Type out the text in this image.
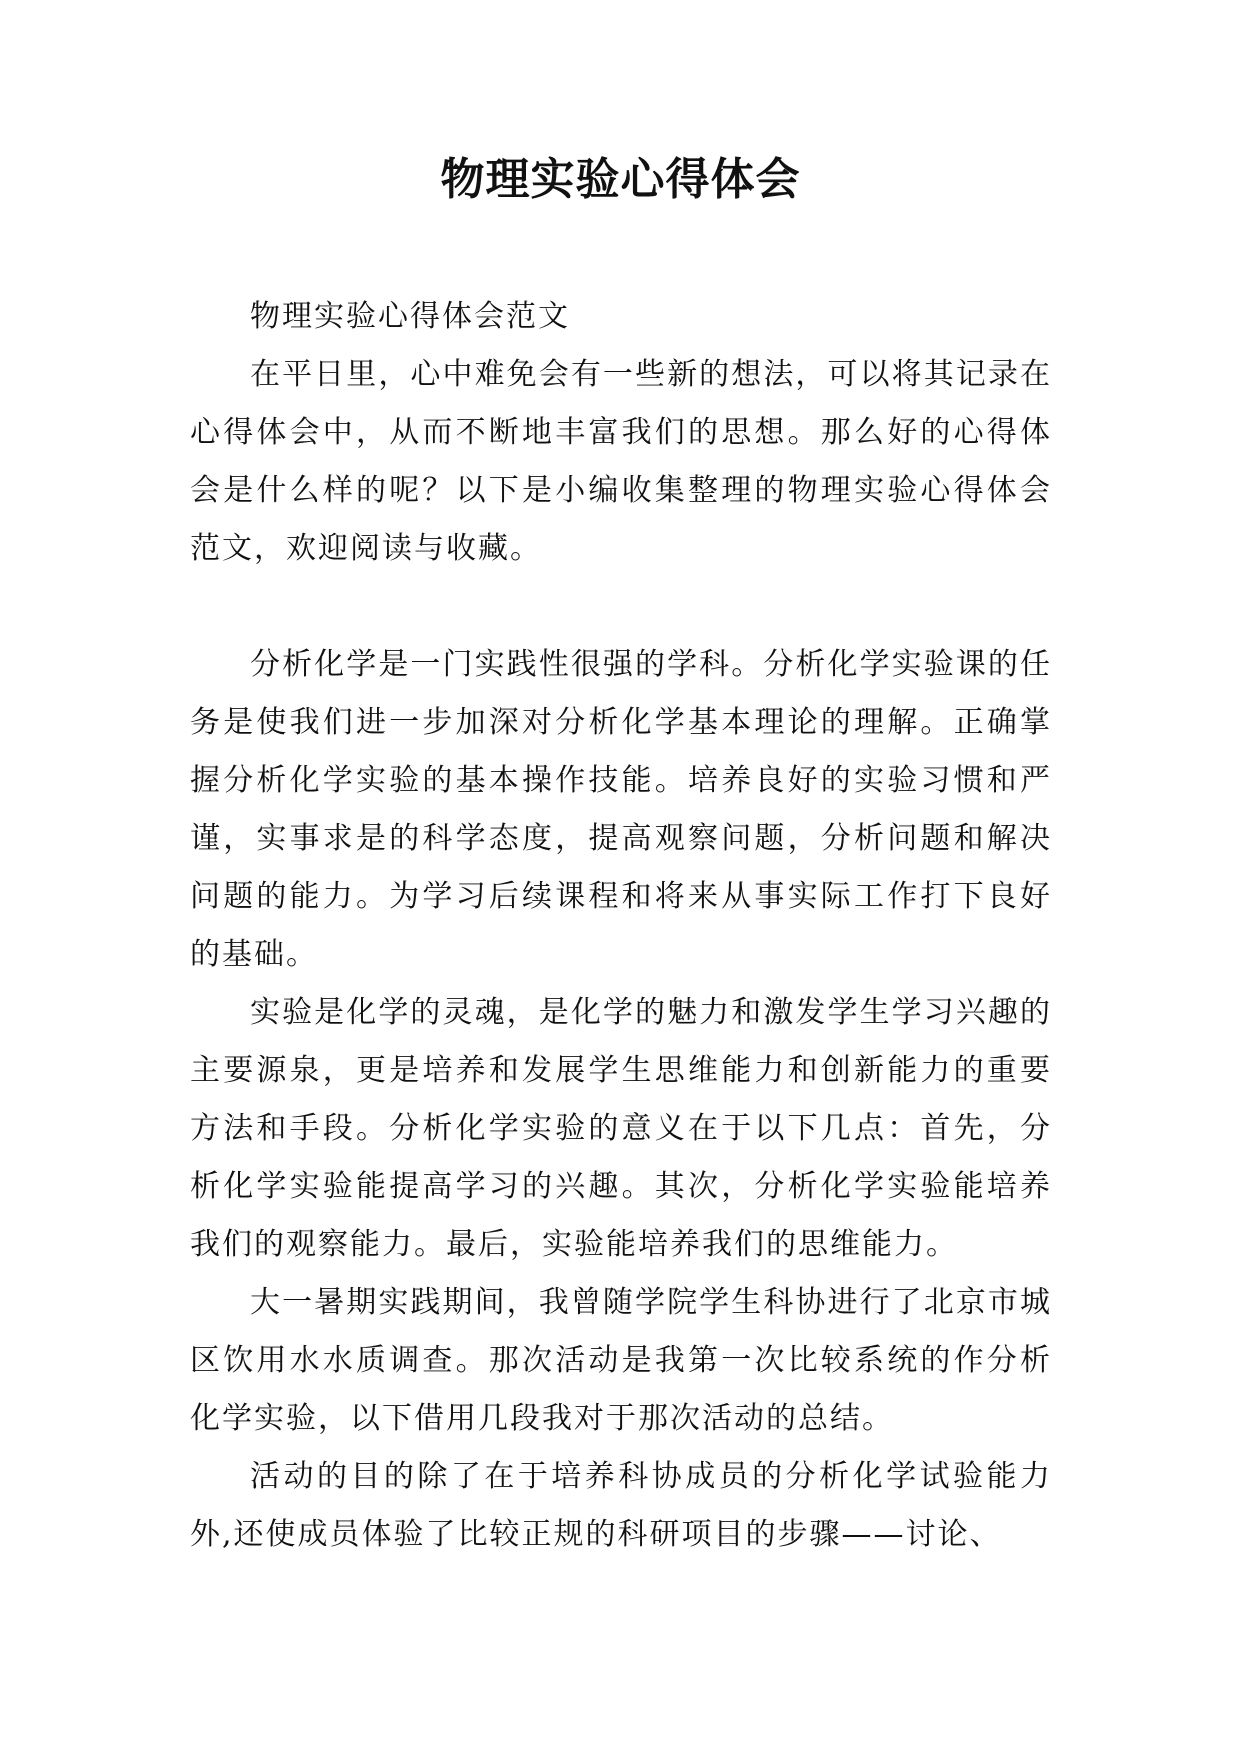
物理实验心得体会

物理实验心得体会范文

在平日里，心中难免会有一些新的想法，可以将其记录在心得体会中，从而不断地丰富我们的思想。那么好的心得体会是什么样的呢？以下是小编收集整理的物理实验心得体会范文，欢迎阅读与收藏。

分析化学是一门实践性很强的学科。分析化学实验课的任务是使我们进一步加深对分析化学基本理论的理解。正确掌握分析化学实验的基本操作技能。培养良好的实验习惯和严谨，实事求是的科学态度，提高观察问题，分析问题和解决问题的能力。为学习后续课程和将来从事实际工作打下良好的基础。

实验是化学的灵魂，是化学的魅力和激发学生学习兴趣的主要源泉，更是培养和发展学生思维能力和创新能力的重要方法和手段。分析化学实验的意义在于以下几点：首先，分析化学实验能提高学习的兴趣。其次，分析化学实验能培养我们的观察能力。最后，实验能培养我们的思维能力。

大一暑期实践期间，我曾随学院学生科协进行了北京市城区饮用水水质调查。那次活动是我第一次比较系统的作分析化学实验，以下借用几段我对于那次活动的总结。

活动的目的除了在于培养科协成员的分析化学试验能力外,还使成员体验了比较正规的科研项目的步骤——讨论、
